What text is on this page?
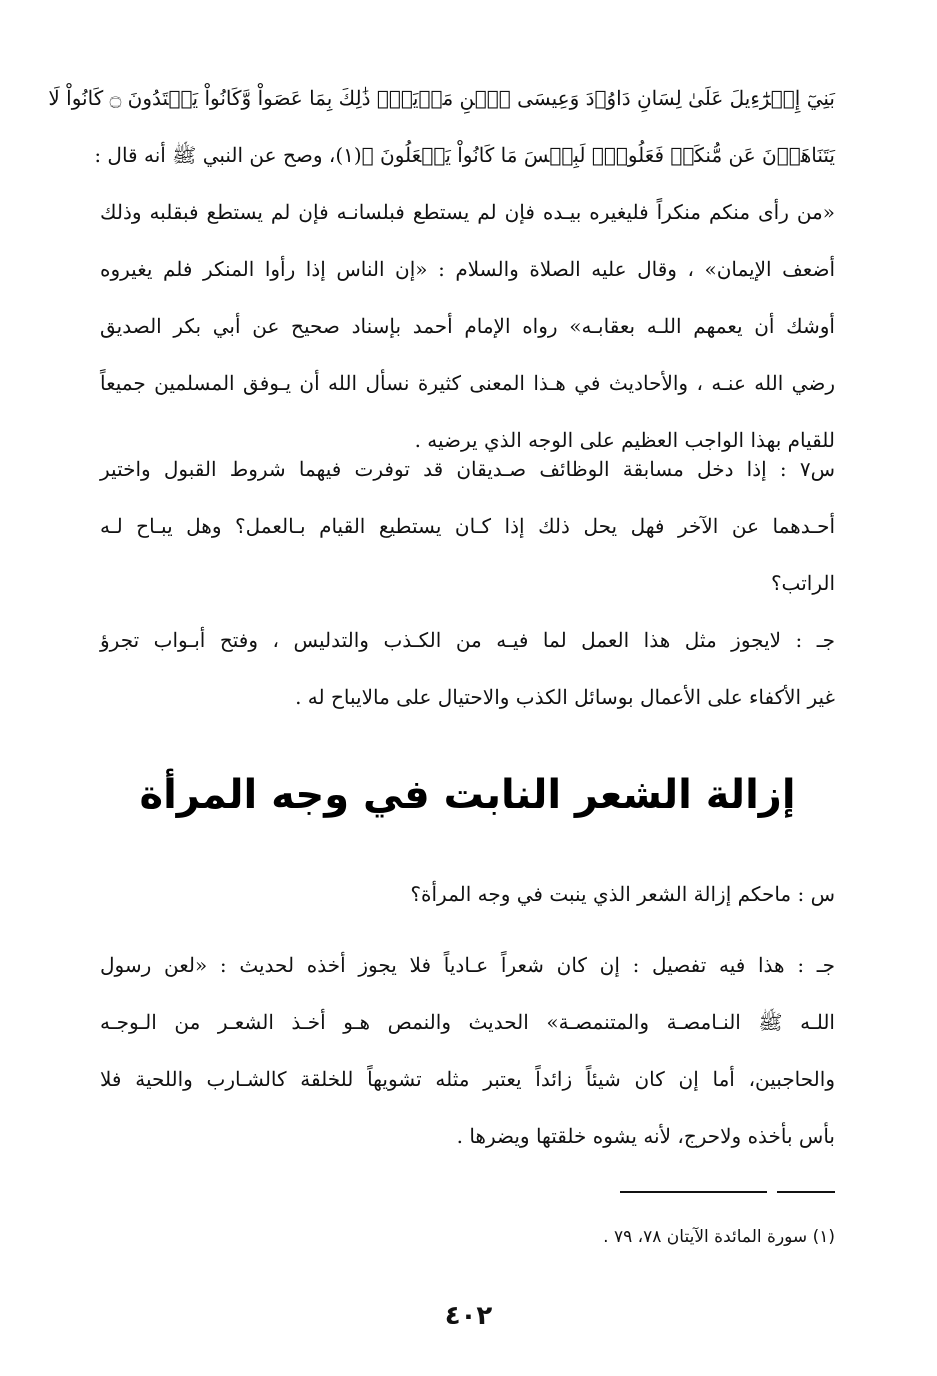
بَنِيٓ إِسۡرَٰٓءِيلَ عَلَىٰ لِسَانِ دَاوُۥدَ وَعِيسَى ٱبۡنِ مَرۡيَمَۚ ذَٰلِكَ بِمَا عَصَواْ وَّكَانُواْ يَعۡتَدُونَ ۝ كَانُواْ لَا
يَتَنَاهَوۡنَ عَن مُّنكَرٖ فَعَلُوهُۚ لَبِئۡسَ مَا كَانُواْ يَفۡعَلُونَ ﴾(١)، وصح عن النبي ﷺ أنه قال :
«من رأى منكم منكراً فليغيره بيـده فإن لم يستطع فبلسانـه فإن لم يستطع فبقلبه وذلك
أضعف الإيمان» ، وقال عليه الصلاة والسلام : «إن الناس إذا رأوا المنكر فلم يغيروه
أوشك أن يعمهم اللـه بعقابـه» رواه الإمام أحمد بإسناد صحيح عن أبي بكر الصديق
رضي الله عنـه ، والأحاديث في هـذا المعنى كثيرة نسأل الله أن يـوفق المسلمين جميعاً
للقيام بهذا الواجب العظيم على الوجه الذي يرضيه .
س٧ : إذا دخل مسابقة الوظائف صـديقان قد توفرت فيهما شروط القبول واختير
أحـدهما عن الآخر فهل يحل ذلك إذا كـان يستطيع القيام بـالعمل؟ وهل يبـاح لـه
الراتب؟
جـ : لايجوز مثل هذا العمل لما فيـه من الكـذب والتدليس ، وفتح أبـواب تجرؤ
غير الأكفاء على الأعمال بوسائل الكذب والاحتيال على مالايباح له .
إزالة الشعر النابت في وجه المرأة
س : ماحكم إزالة الشعر الذي ينبت في وجه المرأة؟
جـ : هذا فيه تفصيل : إن كان شعراً عـادياً فلا يجوز أخذه لحديث : «لعن رسول
اللـه ﷺ النـامصـة والمتنمصـة» الحديث والنمص هـو أخـذ الشعـر من الـوجـه
والحاجبين، أما إن كان شيئاً زائداً يعتبر مثله تشويهاً للخلقة كالشـارب واللحية فلا
بأس بأخذه ولاحرج، لأنه يشوه خلقتها ويضرها .
(١) سورة المائدة الآيتان ٧٨، ٧٩ .
٤٠٢
